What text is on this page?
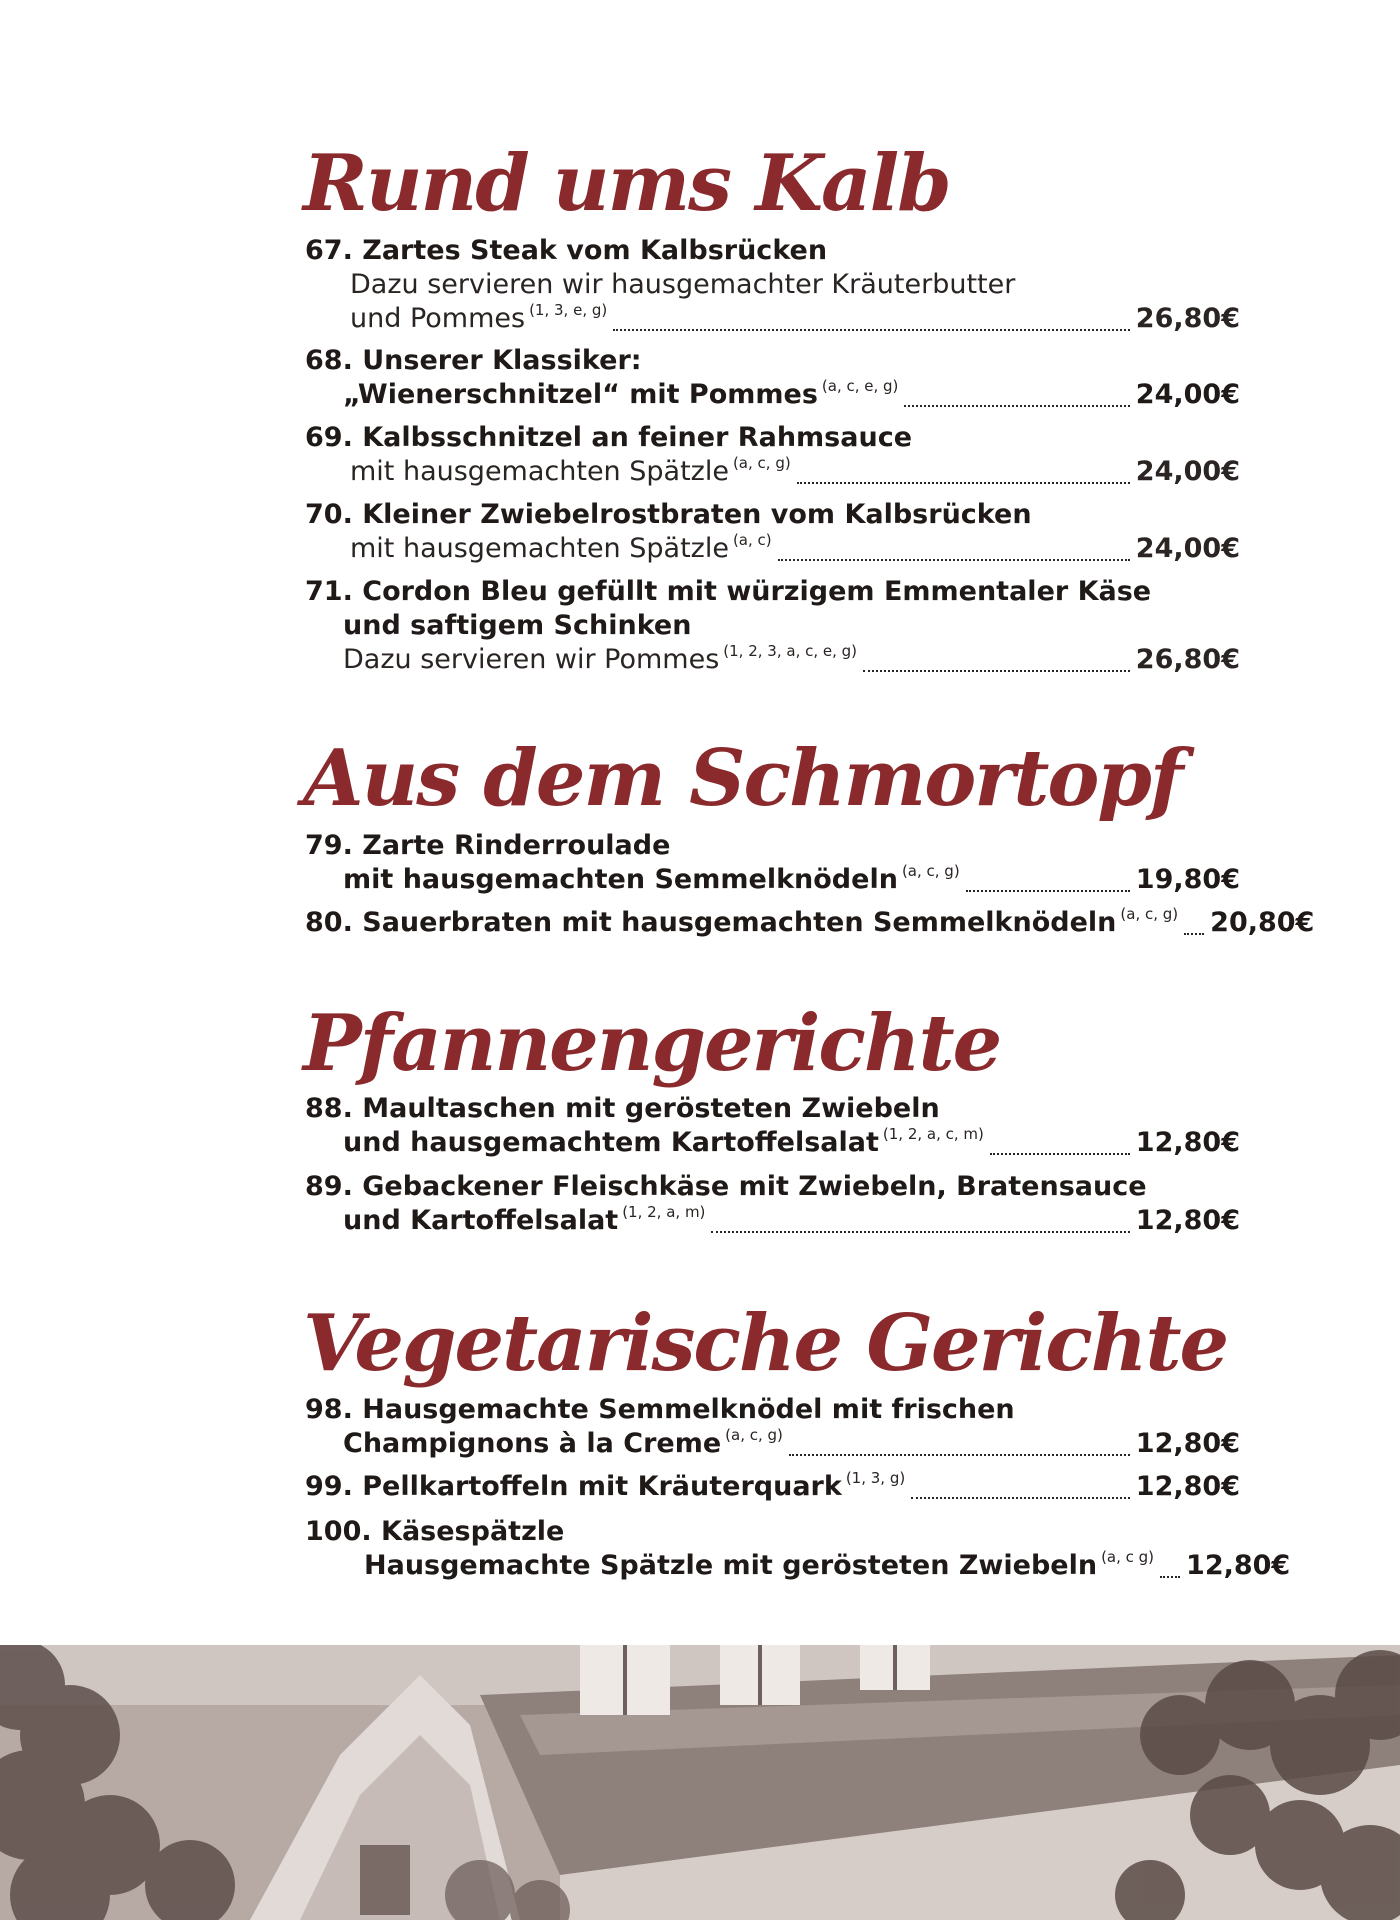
Rund ums Kalb
67.
Zartes Steak vom Kalbsrücken
Dazu servieren wir hausgemachter Kräuterbutter
und Pommes (1, 3, e, g)	26,80€
68.
Unserer Klassiker:
„Wienerschnitzel“ mit Pommes (a, c, e, g)	24,00€
69.
Kalbsschnitzel an feiner Rahmsauce
mit hausgemachten Spätzle (a, c, g)	24,00€
70.
Kleiner Zwiebelrostbraten vom Kalbsrücken
mit hausgemachten Spätzle (a, c)	24,00€
71.
Cordon Bleu gefüllt mit würzigem Emmentaler Käse
und saftigem Schinken
Dazu servieren wir Pommes (1, 2, 3, a, c, e, g)	26,80€
Aus dem Schmortopf
79.
Zarte Rinderroulade
mit hausgemachten Semmelknödeln (a, c, g)	19,80€
80.
Sauerbraten mit hausgemachten Semmelknödeln (a, c, g) 20,80€
Pfannengerichte
88.
Maultaschen mit gerösteten Zwiebeln
und hausgemachtem Kartoffelsalat (1, 2, a, c, m)	12,80€
89.
Gebackener Fleischkäse mit Zwiebeln, Bratensauce
und Kartoffelsalat (1, 2, a, m)	12,80€
Vegetarische Gerichte
98.
Hausgemachte Semmelknödel mit frischen
Champignons à la Creme (a, c, g)	12,80€
99.
Pellkartoffeln mit Kräuterquark (1, 3, g)	12,80€
100.
Käsespätzle
Hausgemachte Spätzle mit gerösteten Zwiebeln (a, c g) 12,80€
